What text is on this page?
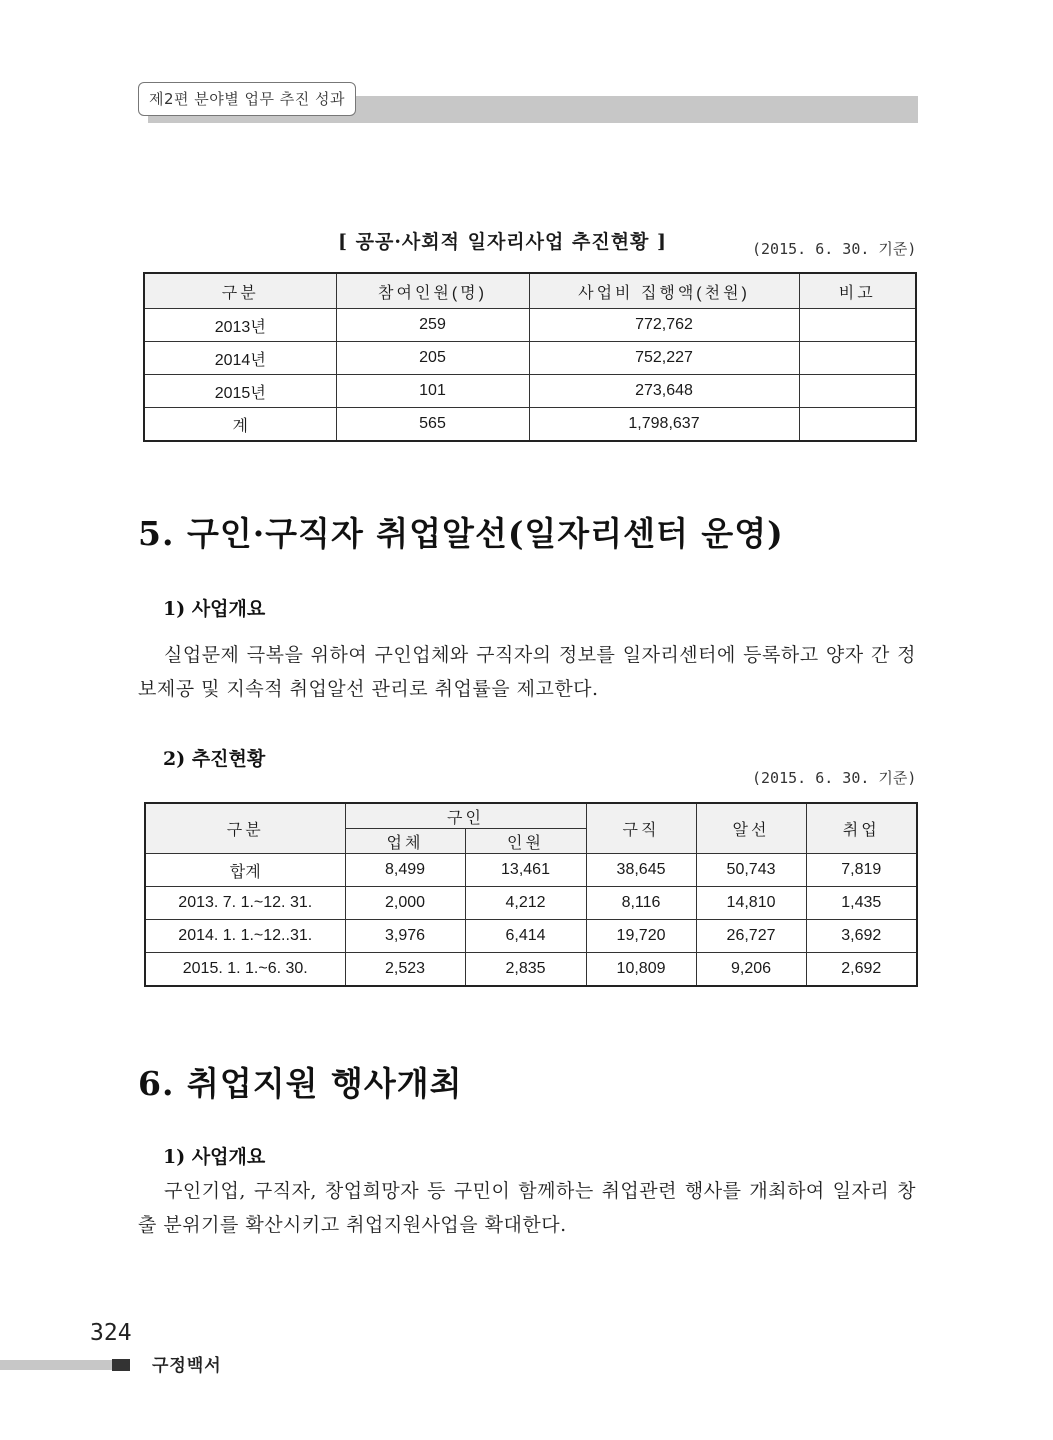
제2편 분야별 업무 추진 성과
[ 공공·사회적 일자리사업 추진현황 ]	(2015. 6. 30. 기준)
구분	참여인원(명)	사업비 집행액(천원)	비고
2013년	259	772,762	
2014년	205	752,227	
2015년	101	273,648	
계	565	1,798,637	
5. 구인·구직자 취업알선(일자리센터 운영)
1) 사업개요
실업문제 극복을 위하여 구인업체와 구직자의 정보를 일자리센터에 등록하고 양자 간 정보제공 및 지속적 취업알선 관리로 취업률을 제고한다.
2) 추진현황
(2015. 6. 30. 기준)
구분	구인		구직	알선	취업
	업체	인원			
합계	8,499	13,461	38,645	50,743	7,819
2013. 7. 1.~12. 31.	2,000	4,212	8,116	14,810	1,435
2014. 1. 1.~12..31.	3,976	6,414	19,720	26,727	3,692
2015. 1. 1.~6. 30.	2,523	2,835	10,809	9,206	2,692
6. 취업지원 행사개최
1) 사업개요
구인기업, 구직자, 창업희망자 등 구민이 함께하는 취업관련 행사를 개최하여 일자리 창출 분위기를 확산시키고 취업지원사업을 확대한다.
324
구정백서
